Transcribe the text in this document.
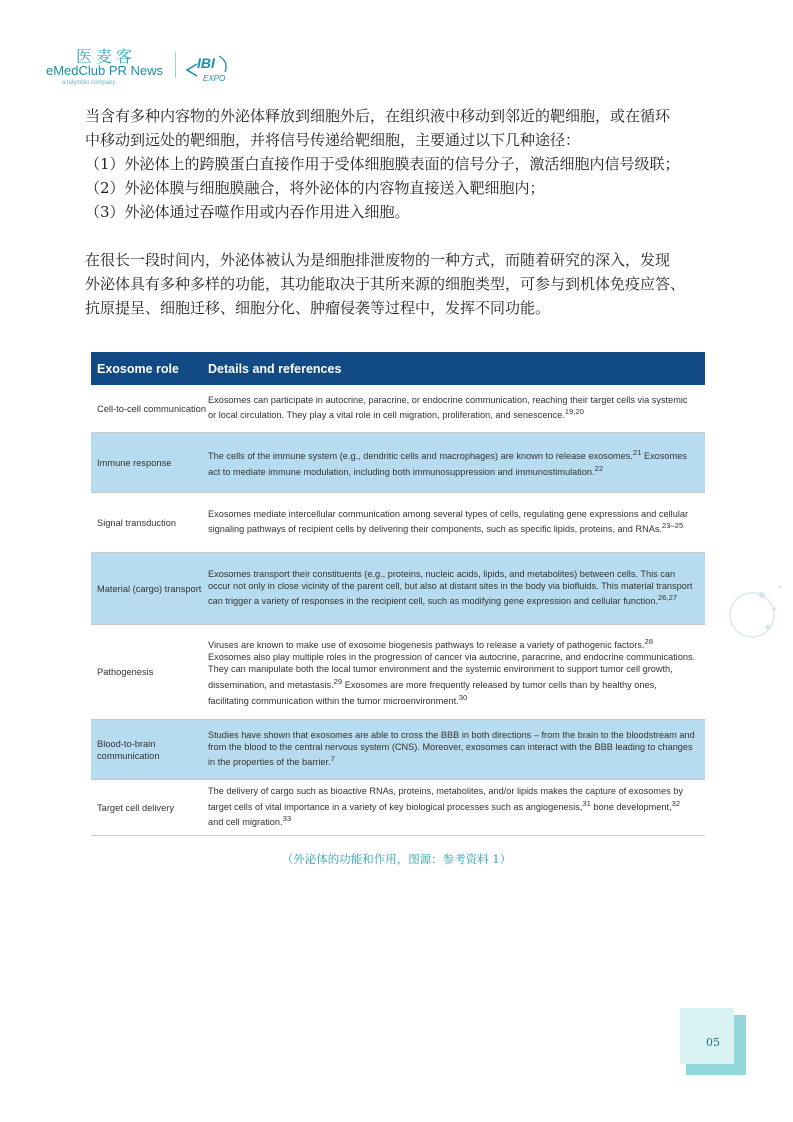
医麦客
eMedClub PR News
a tulymbio company
IBI
EXPO

当含有多种内容物的外泌体释放到细胞外后，在组织液中移动到邻近的靶细胞，或在循环

中移动到远处的靶细胞，并将信号传递给靶细胞，主要通过以下几种途径：

（1）外泌体上的跨膜蛋白直接作用于受体细胞膜表面的信号分子，激活细胞内信号级联；

（2）外泌体膜与细胞膜融合，将外泌体的内容物直接送入靶细胞内；

（3）外泌体通过吞噬作用或内吞作用进入细胞。

在很长一段时间内，外泌体被认为是细胞排泄废物的一种方式，而随着研究的深入，发现

外泌体具有多种多样的功能，其功能取决于其所来源的细胞类型，可参与到机体免疫应答、

抗原提呈、细胞迁移、细胞分化、肿瘤侵袭等过程中，发挥不同功能。

Exosome role	Details and references
Cell-to-cell communication
Exosomes can participate in autocrine, paracrine, or endocrine communication, reaching their target cells via systemic or local circulation. They play a vital role in cell migration, proliferation, and senescence.$^{19,20}$
Immune response
The cells of the immune system (e.g., dendritic cells and macrophages) are known to release exosomes.$^{21}$ Exosomes act to mediate immune modulation, including both immunosuppression and immunostimulation.$^{22}$
Signal transduction
Exosomes mediate intercellular communication among several types of cells, regulating gene expressions and cellular signaling pathways of recipient cells by delivering their components, such as specific lipids, proteins, and RNAs.$^{23-25}$
Material (cargo) transport
Exosomes transport their constituents (e.g., proteins, nucleic acids, lipids, and metabolites) between cells. This can occur not only in close vicinity of the parent cell, but also at distant sites in the body via biofluids. This material transport can trigger a variety of responses in the recipient cell, such as modifying gene expression and cellular function.$^{26,27}$
Pathogenesis
Viruses are known to make use of exosome biogenesis pathways to release a variety of pathogenic factors.$^{28}$ Exosomes also play multiple roles in the progression of cancer via autocrine, paracrine, and endocrine communications. They can manipulate both the local tumor environment and the systemic environment to support tumor cell growth, dissemination, and metastasis.$^{29}$ Exosomes are more frequently released by tumor cells than by healthy ones, facilitating communication within the tumor microenvironment.$^{30}$
Blood-to-brain communication
Studies have shown that exosomes are able to cross the BBB in both directions – from the brain to the bloodstream and from the blood to the central nervous system (CNS). Moreover, exosomes can interact with the BBB leading to changes in the properties of the barrier.$^7$
Target cell delivery
The delivery of cargo such as bioactive RNAs, proteins, metabolites, and/or lipids makes the capture of exosomes by target cells of vital importance in a variety of key biological processes such as angiogenesis,$^{31}$ bone development,$^{32}$ and cell migration.$^{33}$
（外泌体的功能和作用，图源：参考资料 1）
05
